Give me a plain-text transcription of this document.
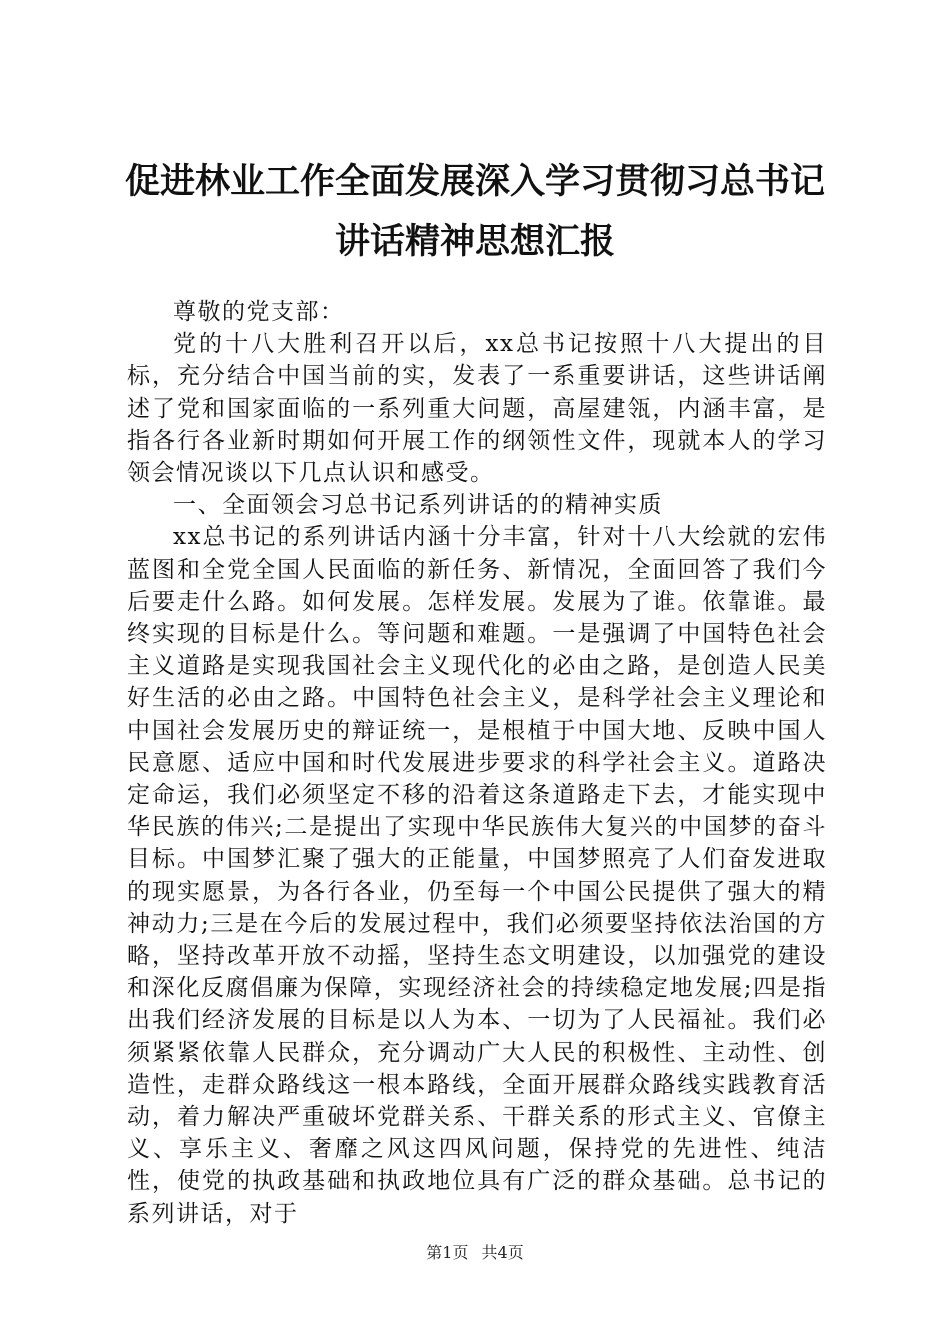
促进林业工作全面发展深入学习贯彻习总书记
讲话精神思想汇报

尊敬的党支部：

党的十八大胜利召开以后，xx总书记按照十八大提出的目标，充分结合中国当前的实，发表了一系重要讲话，这些讲话阐述了党和国家面临的一系列重大问题，高屋建瓴，内涵丰富，是指各行各业新时期如何开展工作的纲领性文件，现就本人的学习领会情况谈以下几点认识和感受。

一、全面领会习总书记系列讲话的的精神实质

xx总书记的系列讲话内涵十分丰富，针对十八大绘就的宏伟蓝图和全党全国人民面临的新任务、新情况，全面回答了我们今后要走什么路。如何发展。怎样发展。发展为了谁。依靠谁。最终实现的目标是什么。等问题和难题。一是强调了中国特色社会主义道路是实现我国社会主义现代化的必由之路，是创造人民美好生活的必由之路。中国特色社会主义，是科学社会主义理论和中国社会发展历史的辩证统一，是根植于中国大地、反映中国人民意愿、适应中国和时代发展进步要求的科学社会主义。道路决定命运，我们必须坚定不移的沿着这条道路走下去，才能实现中华民族的伟兴;二是提出了实现中华民族伟大复兴的中国梦的奋斗目标。中国梦汇聚了强大的正能量，中国梦照亮了人们奋发进取的现实愿景，为各行各业，仍至每一个中国公民提供了强大的精神动力;三是在今后的发展过程中，我们必须要坚持依法治国的方略，坚持改革开放不动摇，坚持生态文明建设，以加强党的建设和深化反腐倡廉为保障，实现经济社会的持续稳定地发展;四是指出我们经济发展的目标是以人为本、一切为了人民福祉。我们必须紧紧依靠人民群众，充分调动广大人民的积极性、主动性、创造性，走群众路线这一根本路线，全面开展群众路线实践教育活动，着力解决严重破坏党群关系、干群关系的形式主义、官僚主义、享乐主义、奢靡之风这四风问题，保持党的先进性、纯洁性，使党的执政基础和执政地位具有广泛的群众基础。总书记的系列讲话，对于

第1页 共4页
